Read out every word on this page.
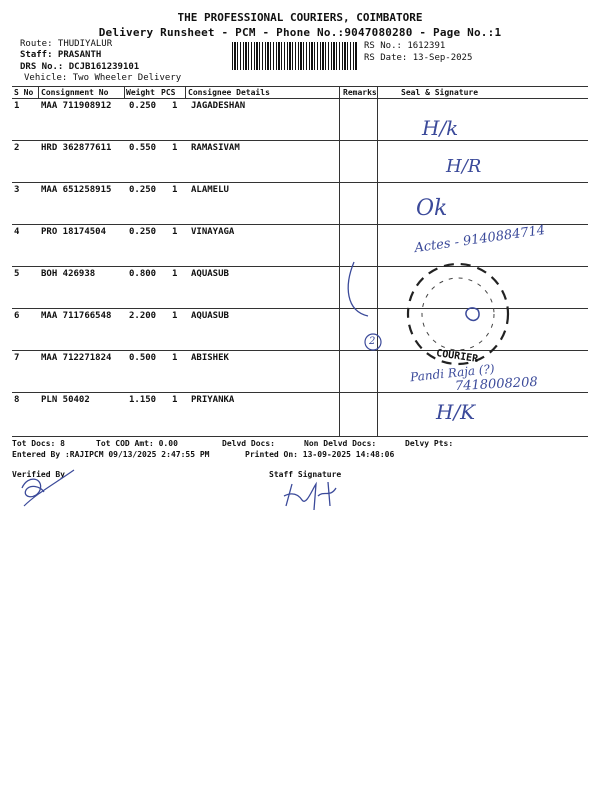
THE PROFESSIONAL COURIERS, COIMBATORE
Delivery Runsheet - PCM - Phone No.:9047080280 - Page No.:1
Route: THUDIYALUR
Staff: PRASANTH
DRS No.: DCJB161239101
Vehicle: Two Wheeler Delivery
RS No.: 1612391
RS Date: 13-Sep-2025
S No Consignment No Weight PCS Consignee Details	Remarks	Seal & Signature
1 MAA 711908912 0.250 1 JAGADESHAN
2 HRD 362877611 0.550 1 RAMASIVAM
3 MAA 651258915 0.250 1 ALAMELU
4 PRO 18174504	0.250 1 VINAYAGA
5 BOH 426938	0.800 1 AQUASUB
6 MAA 711766548 2.200 1 AQUASUB
7 MAA 712271824 0.500 1 ABISHEK
8 PLN 50402	1.150 1 PRIYANKA
H/k
H/R
Ok
Actes - 9140884714
2
COURIER
Pandi Raja (?)
7418008208
H/K
Tot Docs: 8	Tot COD Amt: 0.00	Delvd Docs:	Non Delvd Docs:	Delvy Pts:
Entered By :RAJIPCM 09/13/2025 2:47:55 PM	Printed On: 13-09-2025 14:48:06
Verified By	Staff Signature
